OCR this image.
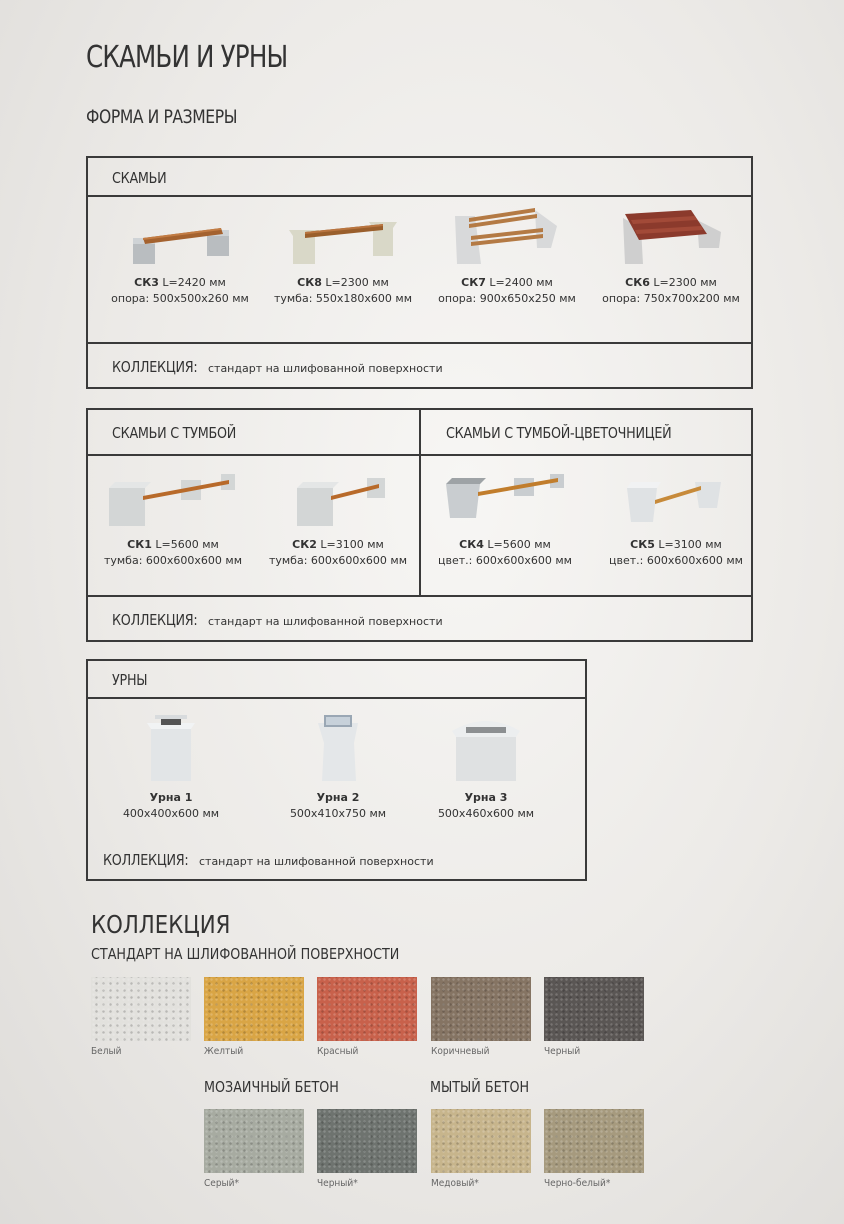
СКАМЬИ И УРНЫ
ФОРМА И РАЗМЕРЫ
СКАМЬИ
СК3 L=2420 мм
опора: 500х500х260 мм
СК8 L=2300 мм
тумба: 550х180х600 мм
СК7 L=2400 мм
опора: 900х650х250 мм
СК6 L=2300 мм
опора: 750х700х200 мм
КОЛЛЕКЦИЯ: стандарт на шлифованной поверхности
СКАМЬИ С ТУМБОЙ	СКАМЬИ С ТУМБОЙ-ЦВЕТОЧНИЦЕЙ
СК1 L=5600 мм
тумба: 600х600х600 мм
СК2 L=3100 мм
тумба: 600х600х600 мм
СК4 L=5600 мм
цвет.: 600х600х600 мм
СК5 L=3100 мм
цвет.: 600х600х600 мм
КОЛЛЕКЦИЯ: стандарт на шлифованной поверхности
УРНЫ
Урна 1
400х400х600 мм
Урна 2
500х410х750 мм
Урна 3
500х460х600 мм
КОЛЛЕКЦИЯ: стандарт на шлифованной поверхности
КОЛЛЕКЦИЯ
СТАНДАРТ НА ШЛИФОВАННОЙ ПОВЕРХНОСТИ
Белый	Желтый	Красный	Коричневый	Черный
МОЗАИЧНЫЙ БЕТОН	МЫТЫЙ БЕТОН
Серый*	Черный*	Медовый*	Черно-белый*
